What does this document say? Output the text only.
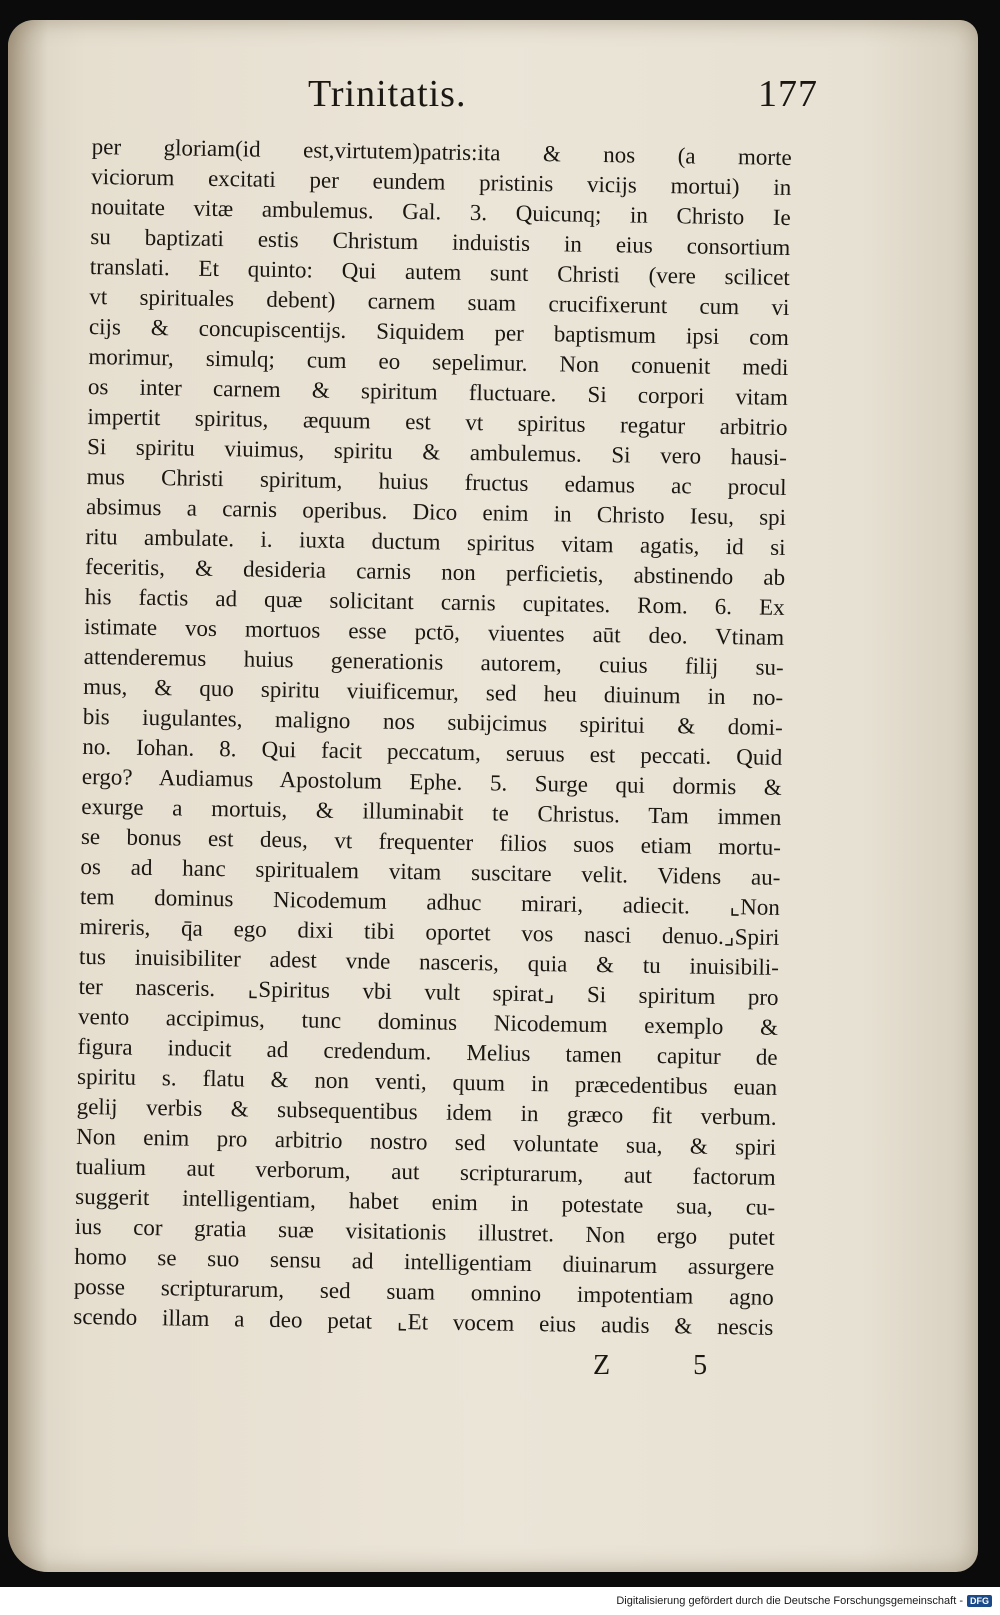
Trinitatis.	177
per gloriam(id est,virtutem)patris:ita & nos (a morte
viciorum excitati per eundem pristinis vicijs mortui) in
nouitate vitæ ambulemus. Gal. 3. Quicunq; in Christo Ie
su baptizati estis Christum induistis in eius consortium
translati. Et quinto: Qui autem sunt Christi (vere scilicet
vt spirituales debent) carnem suam crucifixerunt cum vi
cijs & concupiscentijs. Siquidem per baptismum ipsi com
morimur, simulq; cum eo sepelimur. Non conuenit medi
os inter carnem & spiritum fluctuare. Si corpori vitam
impertit spiritus, æquum est vt spiritus regatur arbitrio
Si spiritu viuimus, spiritu & ambulemus. Si vero hausi-
mus Christi spiritum, huius fructus edamus ac procul
absimus a carnis operibus. Dico enim in Christo Iesu, spi
ritu ambulate. i. iuxta ductum spiritus vitam agatis, id si
feceritis, & desideria carnis non perficietis, abstinendo ab
his factis ad quæ solicitant carnis cupitates. Rom. 6. Ex
istimate vos mortuos esse pctō, viuentes aūt deo. Vtinam
attenderemus huius generationis autorem, cuius filij su-
mus, & quo spiritu viuificemur, sed heu diuinum in no-
bis iugulantes, maligno nos subijcimus spiritui & domi-
no. Iohan. 8. Qui facit peccatum, seruus est peccati. Quid
ergo? Audiamus Apostolum Ephe. 5. Surge qui dormis &
exurge a mortuis, & illuminabit te Christus. Tam immen
se bonus est deus, vt frequenter filios suos etiam mortu-
os ad hanc spiritualem vitam suscitare velit. Videns au-
tem dominus Nicodemum adhuc mirari, adiecit. ⌞Non
mireris, q̄a ego dixi tibi oportet vos nasci denuo.⌟Spiri
tus inuisibiliter adest vnde nasceris, quia & tu inuisibili-
ter nasceris. ⌞Spiritus vbi vult spirat⌟ Si spiritum pro
vento accipimus, tunc dominus Nicodemum exemplo &
figura inducit ad credendum. Melius tamen capitur de
spiritu s. flatu & non venti, quum in præcedentibus euan
gelij verbis & subsequentibus idem in græco fit verbum.
Non enim pro arbitrio nostro sed voluntate sua, & spiri
tualium aut verborum, aut scripturarum, aut factorum
suggerit intelligentiam, habet enim in potestate sua, cu-
ius cor gratia suæ visitationis illustret. Non ergo putet
homo se suo sensu ad intelligentiam diuinarum assurgere
posse scripturarum, sed suam omnino impotentiam agno
scendo illam a deo petat ⌞Et vocem eius audis & nescis
Z 5
Digitalisierung gefördert durch die Deutsche Forschungsgemeinschaft - DFG
